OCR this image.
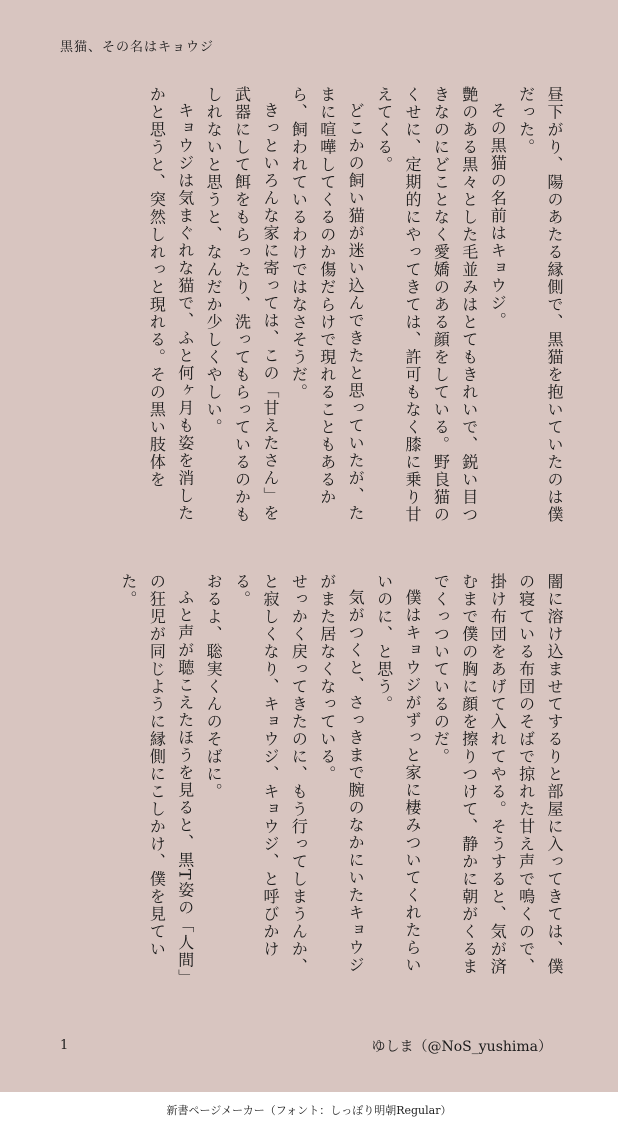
黒猫、その名はキョウジ

昼下がり、陽のあたる縁側で、黒猫を抱いていたのは僕だった。

その黒猫の名前はキョウジ。

艶のある黒々とした毛並みはとてもきれいで、鋭い目つきなのにどことなく愛嬌のある顔をしている。野良猫のくせに、定期的にやってきては、許可もなく膝に乗り甘えてくる。

どこかの飼い猫が迷い込んできたと思っていたが、たまに喧嘩してくるのか傷だらけで現れることもあるから、飼われているわけではなさそうだ。

きっといろんな家に寄っては、この「甘えたさん」を武器にして餌をもらったり、洗ってもらっているのかもしれないと思うと、なんだか少しくやしい。

キョウジは気まぐれな猫で、ふと何ヶ月も姿を消したかと思うと、突然しれっと現れる。その黒い肢体を

闇に溶け込ませてするりと部屋に入ってきては、僕の寝ている布団のそばで掠れた甘え声で鳴くので、掛け布団をあげて入れてやる。そうすると、気が済むまで僕の胸に顔を擦りつけて、静かに朝がくるまでくっついているのだ。

僕はキョウジがずっと家に棲みついてくれたらいいのに、と思う。

気がつくと、さっきまで腕のなかにいたキョウジがまた居なくなっている。

せっかく戻ってきたのに、もう行ってしまうんか、と寂しくなり、キョウジ、キョウジ、と呼びかける。

おるよ、聡実くんのそばに。

ふと声が聴こえたほうを見ると、黒T姿の「人間」の狂児が同じように縁側にこしかけ、僕を見ていた。

1	ゆしま（@NoS_yushima）
新書ページメーカー（フォント：しっぽり明朝Regular）
